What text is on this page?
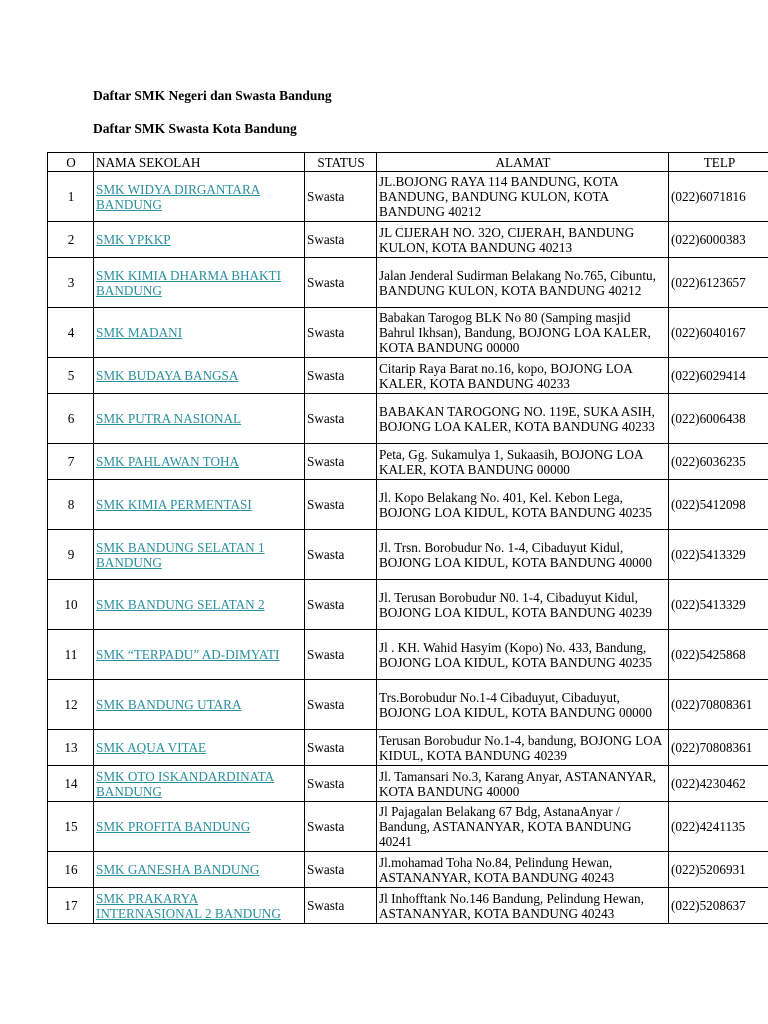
Daftar SMK Negeri dan Swasta Bandung
Daftar SMK Swasta Kota Bandung
O	NAMA SEKOLAH	STATUS	ALAMAT	TELP
1	SMK WIDYA DIRGANTARA BANDUNG	Swasta	JL.BOJONG RAYA 114 BANDUNG, KOTA BANDUNG, BANDUNG KULON, KOTA BANDUNG 40212	(022)6071816
2	SMK YPKKP	Swasta	JL CIJERAH NO. 32O, CIJERAH, BANDUNG KULON, KOTA BANDUNG 40213	(022)6000383
3	SMK KIMIA DHARMA BHAKTI BANDUNG	Swasta	Jalan Jenderal Sudirman Belakang No.765, Cibuntu, BANDUNG KULON, KOTA BANDUNG 40212	(022)6123657
4	SMK MADANI	Swasta	Babakan Tarogog BLK No 80 (Samping masjid Bahrul Ikhsan), Bandung, BOJONG LOA KALER, KOTA BANDUNG 00000	(022)6040167
5	SMK BUDAYA BANGSA	Swasta	Citarip Raya Barat no.16, kopo, BOJONG LOA KALER, KOTA BANDUNG 40233	(022)6029414
6	SMK PUTRA NASIONAL	Swasta	BABAKAN TAROGONG NO. 119E, SUKA ASIH, BOJONG LOA KALER, KOTA BANDUNG 40233	(022)6006438
7	SMK PAHLAWAN TOHA	Swasta	Peta, Gg. Sukamulya 1, Sukaasih, BOJONG LOA KALER, KOTA BANDUNG 00000	(022)6036235
8	SMK KIMIA PERMENTASI	Swasta	Jl. Kopo Belakang No. 401, Kel. Kebon Lega, BOJONG LOA KIDUL, KOTA BANDUNG 40235	(022)5412098
9	SMK BANDUNG SELATAN 1 BANDUNG	Swasta	Jl. Trsn. Borobudur No. 1-4, Cibaduyut Kidul, BOJONG LOA KIDUL, KOTA BANDUNG 40000	(022)5413329
10	SMK BANDUNG SELATAN 2	Swasta	Jl. Terusan Borobudur N0. 1-4, Cibaduyut Kidul, BOJONG LOA KIDUL, KOTA BANDUNG 40239	(022)5413329
11	SMK “TERPADU” AD-DIMYATI	Swasta	Jl . KH. Wahid Hasyim (Kopo) No. 433, Bandung, BOJONG LOA KIDUL, KOTA BANDUNG 40235	(022)5425868
12	SMK BANDUNG UTARA	Swasta	Trs.Borobudur No.1-4 Cibaduyut, Cibaduyut, BOJONG LOA KIDUL, KOTA BANDUNG 00000	(022)70808361
13	SMK AQUA VITAE	Swasta	Terusan Borobudur No.1-4, bandung, BOJONG LOA KIDUL, KOTA BANDUNG 40239	(022)70808361
14	SMK OTO ISKANDARDINATA BANDUNG	Swasta	Jl. Tamansari No.3, Karang Anyar, ASTANANYAR, KOTA BANDUNG 40000	(022)4230462
15	SMK PROFITA BANDUNG	Swasta	Jl Pajagalan Belakang 67 Bdg, AstanaAnyar / Bandung, ASTANANYAR, KOTA BANDUNG 40241	(022)4241135
16	SMK GANESHA BANDUNG	Swasta	Jl.mohamad Toha No.84, Pelindung Hewan, ASTANANYAR, KOTA BANDUNG 40243	(022)5206931
17	SMK PRAKARYA INTERNASIONAL 2 BANDUNG	Swasta	Jl Inhofftank No.146 Bandung, Pelindung Hewan, ASTANANYAR, KOTA BANDUNG 40243	(022)5208637
